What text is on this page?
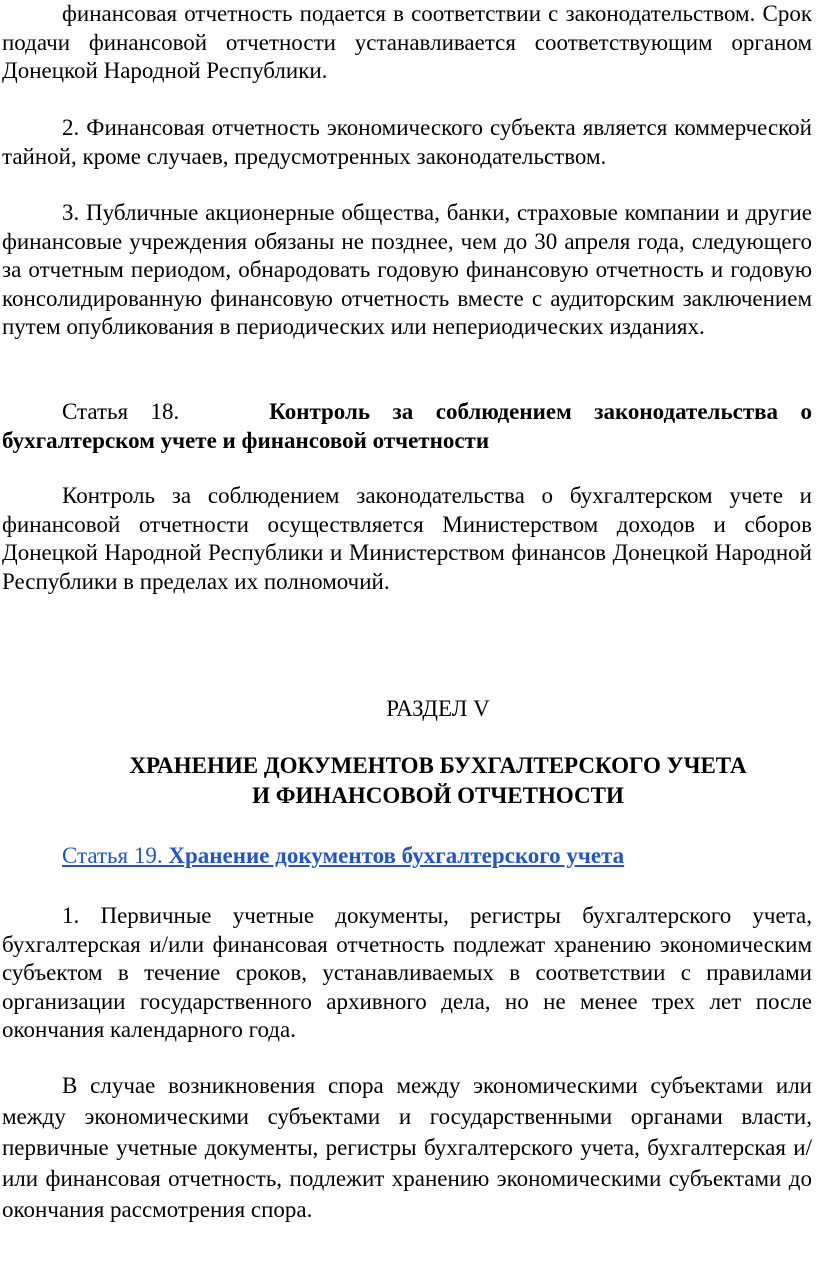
финансовая отчетность подается в соответствии с законодательством. Срок подачи финансовой отчетности устанавливается соответствующим органом Донецкой Народной Республики.

2. Финансовая отчетность экономического субъекта является коммерческой тайной, кроме случаев, предусмотренных законодательством.

3. Публичные акционерные общества, банки, страховые компании и другие финансовые учреждения обязаны не позднее, чем до 30 апреля года, следующего за отчетным периодом, обнародовать годовую финансовую отчетность и годовую консолидированную финансовую отчетность вместе с аудиторским заключением путем опубликования в периодических или непериодических изданиях.

Статья 18.	Контроль за соблюдением законодательства о бухгалтерском учете и финансовой отчетности

Контроль за соблюдением законодательства о бухгалтерском учете и финансовой отчетности осуществляется Министерством доходов и сборов Донецкой Народной Республики и Министерством финансов Донецкой Народной Республики в пределах их полномочий.

РАЗДЕЛ V

ХРАНЕНИЕ ДОКУМЕНТОВ БУХГАЛТЕРСКОГО УЧЕТА

И ФИНАНСОВОЙ ОТЧЕТНОСТИ

Статья 19. Хранение документов бухгалтерского учета

1. Первичные учетные документы, регистры бухгалтерского учета, бухгалтерская и/или финансовая отчетность подлежат хранению экономическим субъектом в течение сроков, устанавливаемых в соответствии с правилами организации государственного архивного дела, но не менее трех лет после окончания календарного года.

В случае возникновения спора между экономическими субъектами или между экономическими субъектами и государственными органами власти, первичные учетные документы, регистры бухгалтерского учета, бухгалтерская и/или финансовая отчетность, подлежит хранению экономическими субъектами до окончания рассмотрения спора.
